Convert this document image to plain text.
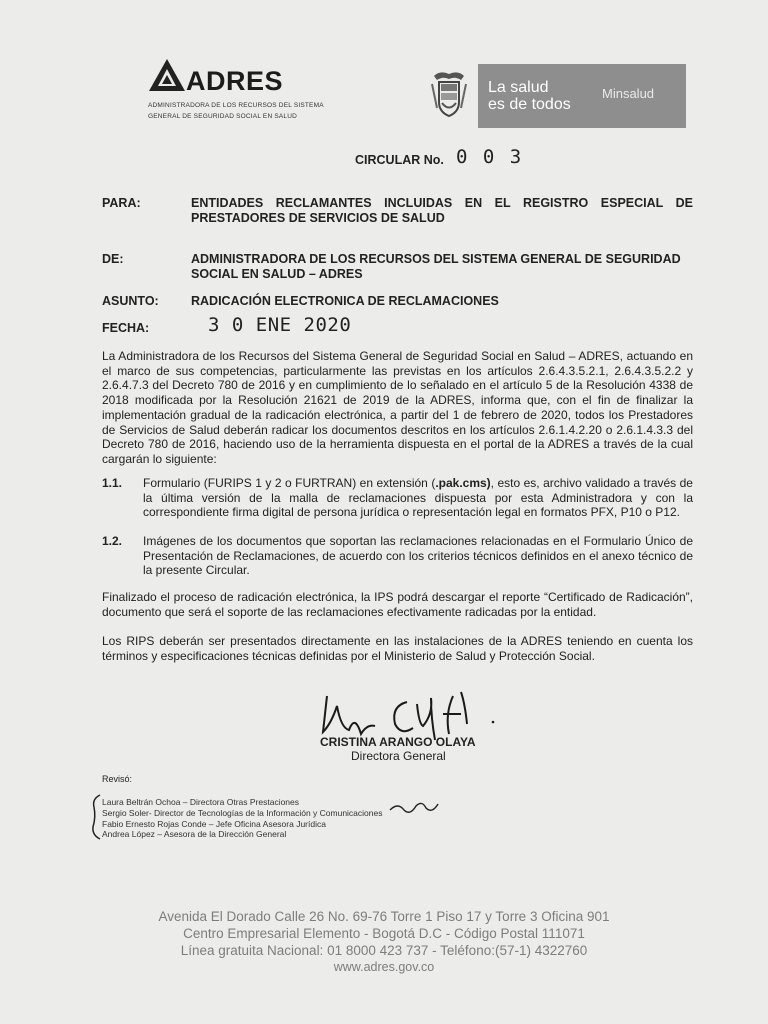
ADRES
ADMINISTRADORA DE LOS RECURSOS DEL SISTEMA
GENERAL DE SEGURIDAD SOCIAL EN SALUD
La salud
es de todos
Minsalud
CIRCULAR No. 0 0 3
PARA:	ENTIDADES RECLAMANTES INCLUIDAS EN EL REGISTRO ESPECIAL DE PRESTADORES DE SERVICIOS DE SALUD
DE:	ADMINISTRADORA DE LOS RECURSOS DEL SISTEMA GENERAL DE SEGURIDAD SOCIAL EN SALUD – ADRES
ASUNTO:	RADICACIÓN ELECTRONICA DE RECLAMACIONES
FECHA:	3 0 ENE 2020
La Administradora de los Recursos del Sistema General de Seguridad Social en Salud – ADRES, actuando en el marco de sus competencias, particularmente las previstas en los artículos 2.6.4.3.5.2.1, 2.6.4.3.5.2.2 y 2.6.4.7.3 del Decreto 780 de 2016 y en cumplimiento de lo señalado en el artículo 5 de la Resolución 4338 de 2018 modificada por la Resolución 21621 de 2019 de la ADRES, informa que, con el fin de finalizar la implementación gradual de la radicación electrónica, a partir del 1 de febrero de 2020, todos los Prestadores de Servicios de Salud deberán radicar los documentos descritos en los artículos 2.6.1.4.2.20 o 2.6.1.4.3.3 del Decreto 780 de 2016, haciendo uso de la herramienta dispuesta en el portal de la ADRES a través de la cual cargarán lo siguiente:
1.1. Formulario (FURIPS 1 y 2 o FURTRAN) en extensión (.pak.cms), esto es, archivo validado a través de la última versión de la malla de reclamaciones dispuesta por esta Administradora y con la correspondiente firma digital de persona jurídica o representación legal en formatos PFX, P10 o P12.
1.2. Imágenes de los documentos que soportan las reclamaciones relacionadas en el Formulario Único de Presentación de Reclamaciones, de acuerdo con los criterios técnicos definidos en el anexo técnico de la presente Circular.
Finalizado el proceso de radicación electrónica, la IPS podrá descargar el reporte “Certificado de Radicación”, documento que será el soporte de las reclamaciones efectivamente radicadas por la entidad.
Los RIPS deberán ser presentados directamente en las instalaciones de la ADRES teniendo en cuenta los términos y especificaciones técnicas definidas por el Ministerio de Salud y Protección Social.
CRISTINA ARANGO OLAYA
Directora General
Revisó:
Laura Beltrán Ochoa – Directora Otras Prestaciones
Sergio Soler- Director de Tecnologías de la Información y Comunicaciones
Fabio Ernesto Rojas Conde – Jefe Oficina Asesora Jurídica
Andrea López – Asesora de la Dirección General
Avenida El Dorado Calle 26 No. 69-76 Torre 1 Piso 17 y Torre 3 Oficina 901
Centro Empresarial Elemento - Bogotá D.C - Código Postal 111071
Línea gratuita Nacional: 01 8000 423 737 - Teléfono:(57-1) 4322760
www.adres.gov.co
